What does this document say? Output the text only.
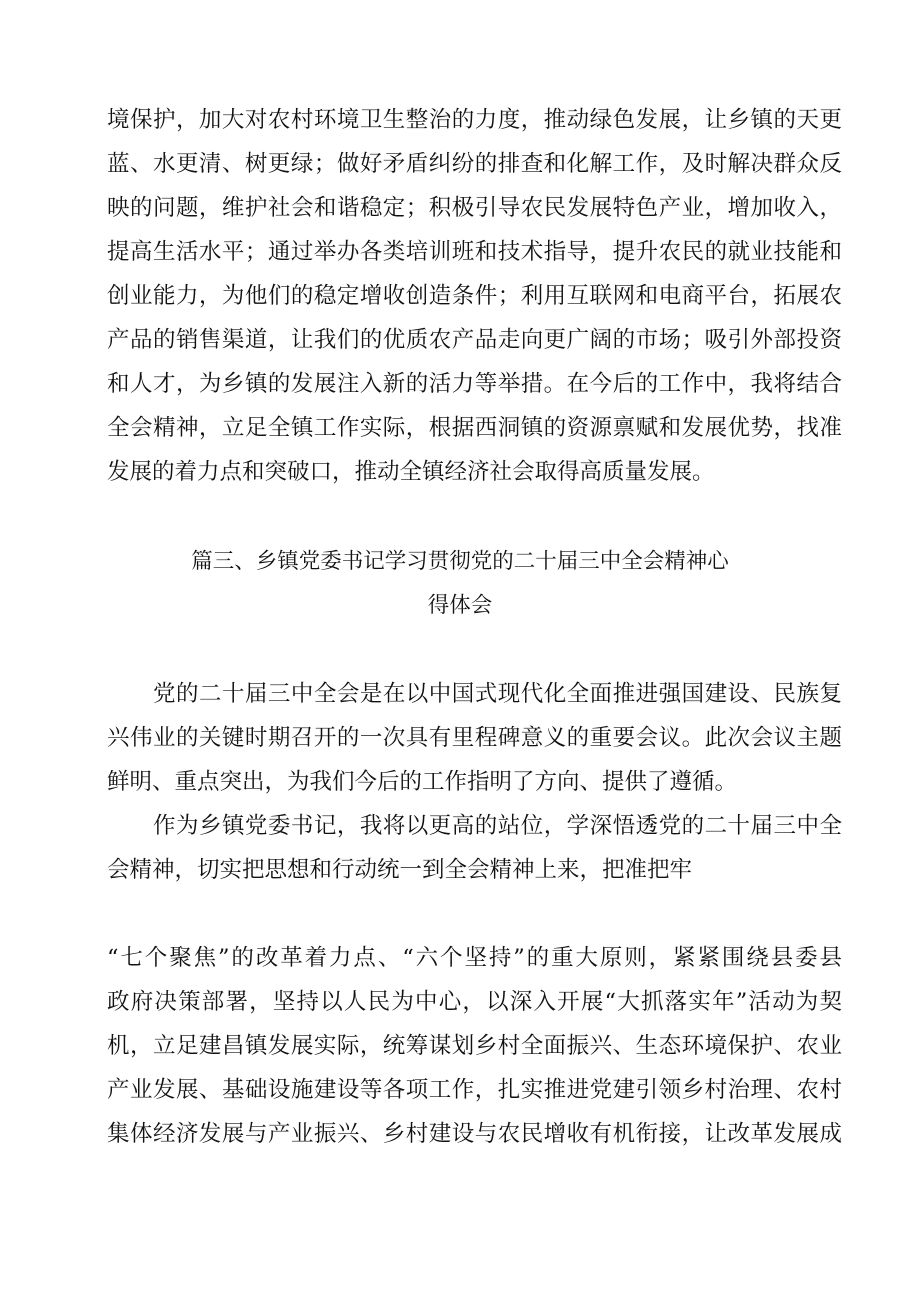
境保护，加大对农村环境卫生整治的力度，推动绿色发展，让乡镇的天更
蓝、水更清、树更绿；做好矛盾纠纷的排查和化解工作，及时解决群众反
映的问题，维护社会和谐稳定；积极引导农民发展特色产业，增加收入，
提高生活水平；通过举办各类培训班和技术指导，提升农民的就业技能和
创业能力，为他们的稳定增收创造条件；利用互联网和电商平台，拓展农
产品的销售渠道，让我们的优质农产品走向更广阔的市场；吸引外部投资
和人才，为乡镇的发展注入新的活力等举措。在今后的工作中，我将结合
全会精神，立足全镇工作实际，根据西洞镇的资源禀赋和发展优势，找准
发展的着力点和突破口，推动全镇经济社会取得高质量发展。
篇三、乡镇党委书记学习贯彻党的二十届三中全会精神心
得体会
党的二十届三中全会是在以中国式现代化全面推进强国建设、民族复
兴伟业的关键时期召开的一次具有里程碑意义的重要会议。此次会议主题
鲜明、重点突出，为我们今后的工作指明了方向、提供了遵循。
作为乡镇党委书记，我将以更高的站位，学深悟透党的二十届三中全
会精神，切实把思想和行动统一到全会精神上来，把准把牢
“七个聚焦”的改革着力点、“六个坚持”的重大原则，紧紧围绕县委县
政府决策部署，坚持以人民为中心，以深入开展“大抓落实年”活动为契
机，立足建昌镇发展实际，统筹谋划乡村全面振兴、生态环境保护、农业
产业发展、基础设施建设等各项工作，扎实推进党建引领乡村治理、农村
集体经济发展与产业振兴、乡村建设与农民增收有机衔接，让改革发展成
